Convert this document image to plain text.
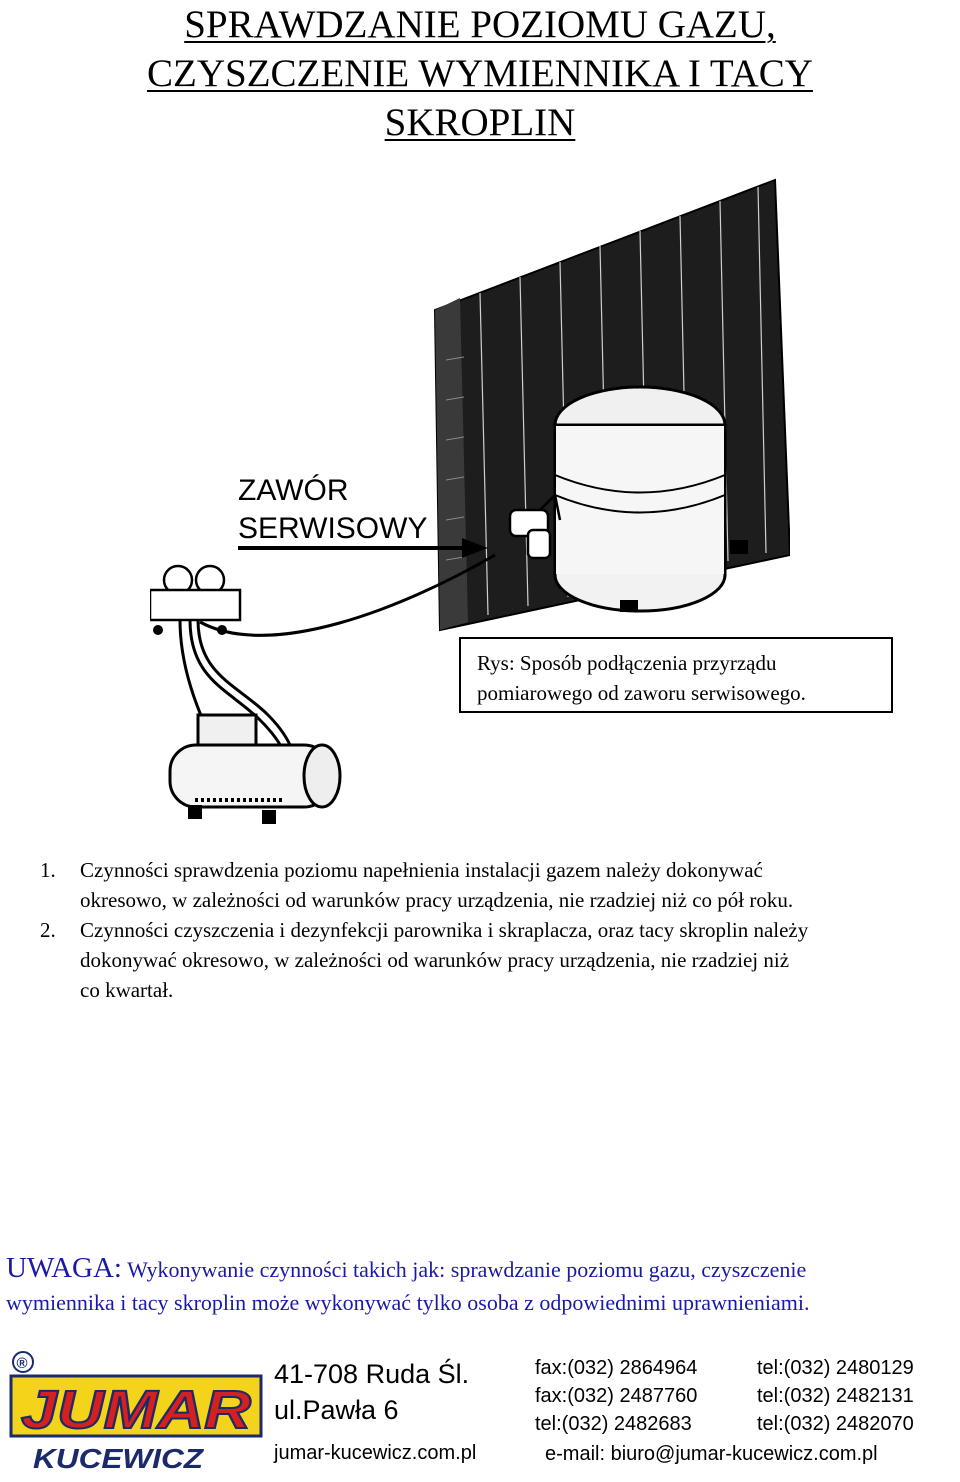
SPRAWDZANIE POZIOMU GAZU,
CZYSZCZENIE WYMIENNIKA I TACY
SKROPLIN
ZAWÓR
SERWISOWY
Rys: Sposób podłączenia przyrządu
pomiarowego od zaworu serwisowego.
1. Czynności sprawdzenia poziomu napełnienia instalacji gazem należy dokonywać
okresowo, w zależności od warunków pracy urządzenia, nie rzadziej niż co pół roku.
2. Czynności czyszczenia i dezynfekcji parownika i skraplacza, oraz tacy skroplin należy
dokonywać okresowo, w zależności od warunków pracy urządzenia, nie rzadziej niż
co kwartał.
UWAGA: Wykonywanie czynności takich jak: sprawdzanie poziomu gazu, czyszczenie
wymiennika i tacy skroplin może wykonywać tylko osoba z odpowiednimi uprawnieniami.
®
JUMAR
KUCEWICZ
41-708 Ruda Śl.
ul.Pawła 6
jumar-kucewicz.com.pl
fax:(032) 2864964
fax:(032) 2487760
tel:(032) 2482683
tel:(032) 2480129
tel:(032) 2482131
tel:(032) 2482070
e-mail: biuro@jumar-kucewicz.com.pl
